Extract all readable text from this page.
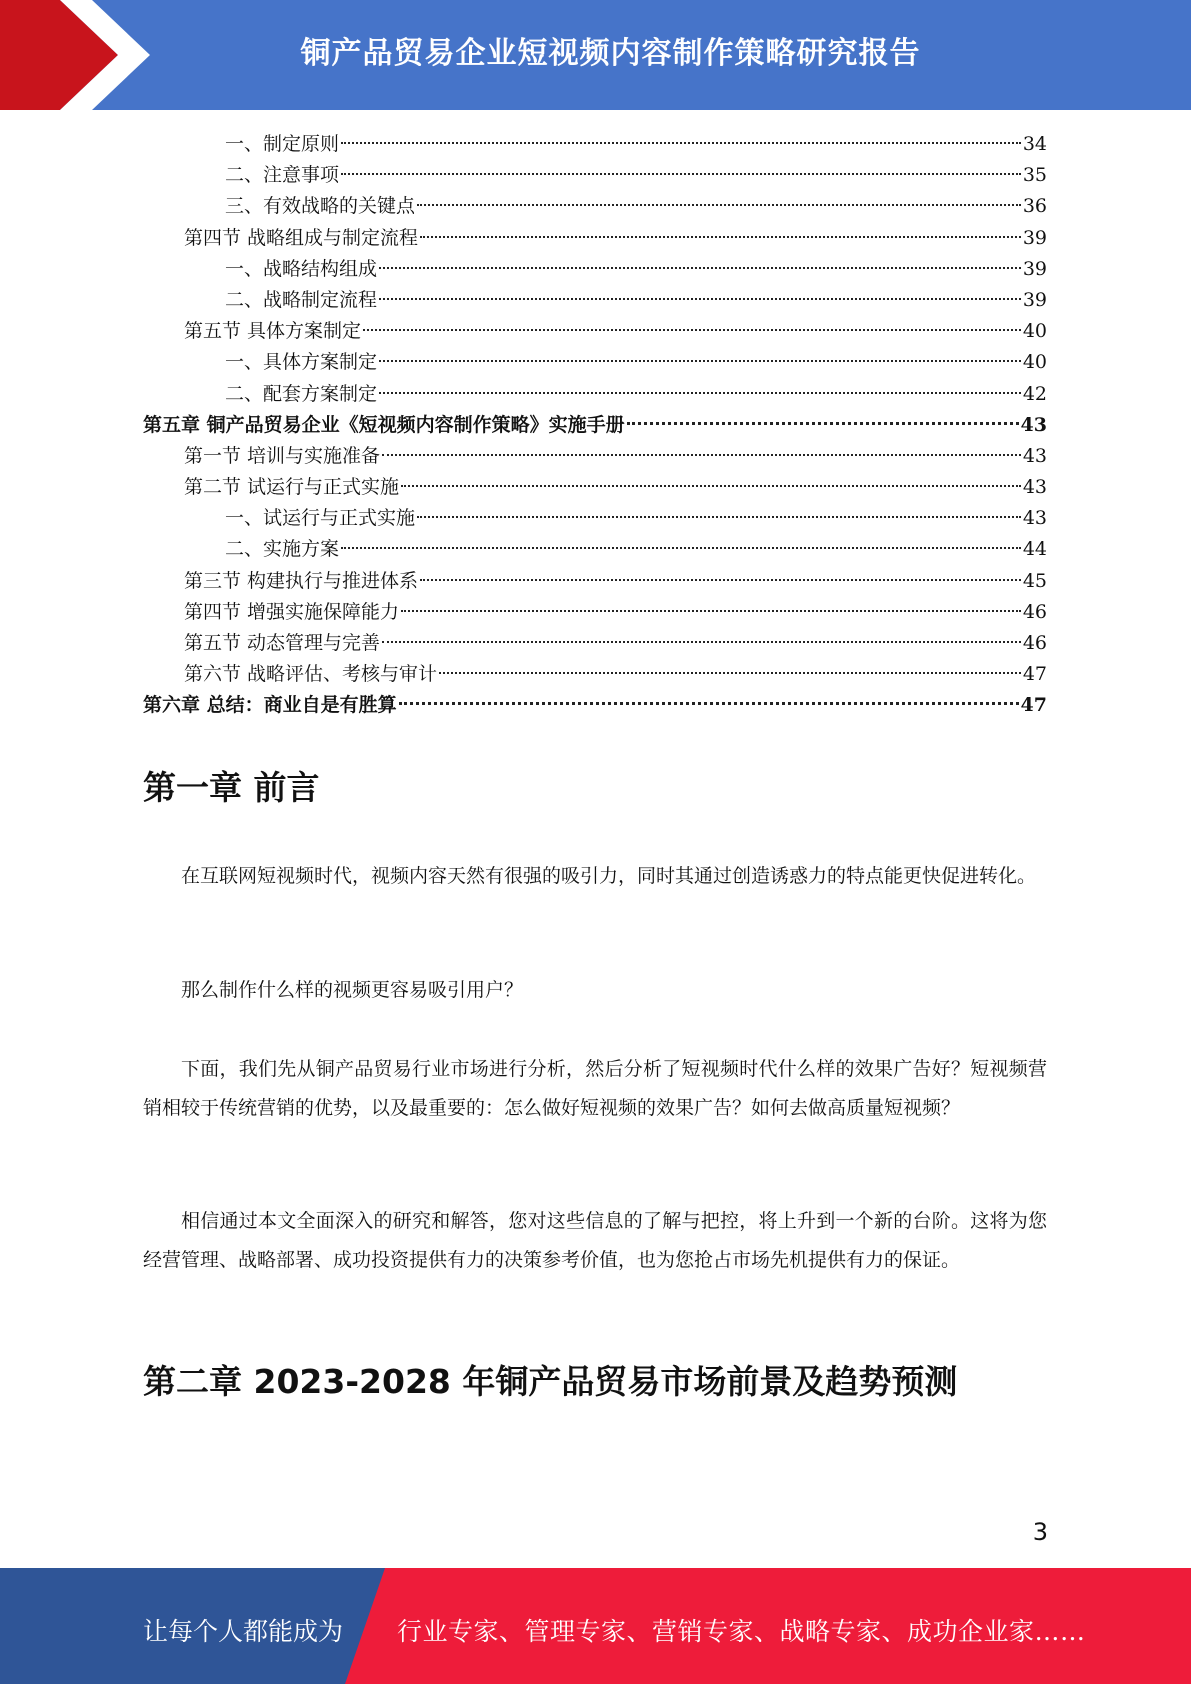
铜产品贸易企业短视频内容制作策略研究报告
一、制定原则	34
二、注意事项	35
三、有效战略的关键点	36
第四节 战略组成与制定流程	39
一、战略结构组成	39
二、战略制定流程	39
第五节 具体方案制定	40
一、具体方案制定	40
二、配套方案制定	42
第五章 铜产品贸易企业《短视频内容制作策略》实施手册	43
第一节 培训与实施准备	43
第二节 试运行与正式实施	43
一、试运行与正式实施	43
二、实施方案	44
第三节 构建执行与推进体系	45
第四节 增强实施保障能力	46
第五节 动态管理与完善	46
第六节 战略评估、考核与审计	47
第六章 总结：商业自是有胜算	47
第一章 前言

在互联网短视频时代，视频内容天然有很强的吸引力，同时其通过创造诱惑力的特点能更快促进转化。

那么制作什么样的视频更容易吸引用户？

下面，我们先从铜产品贸易行业市场进行分析，然后分析了短视频时代什么样的效果广告好？短视频营销相较于传统营销的优势，以及最重要的：怎么做好短视频的效果广告？如何去做高质量短视频？

相信通过本文全面深入的研究和解答，您对这些信息的了解与把控，将上升到一个新的台阶。这将为您经营管理、战略部署、成功投资提供有力的决策参考价值，也为您抢占市场先机提供有力的保证。

第二章 2023-2028 年铜产品贸易市场前景及趋势预测
3
让每个人都能成为 行业专家、管理专家、营销专家、战略专家、成功企业家……
